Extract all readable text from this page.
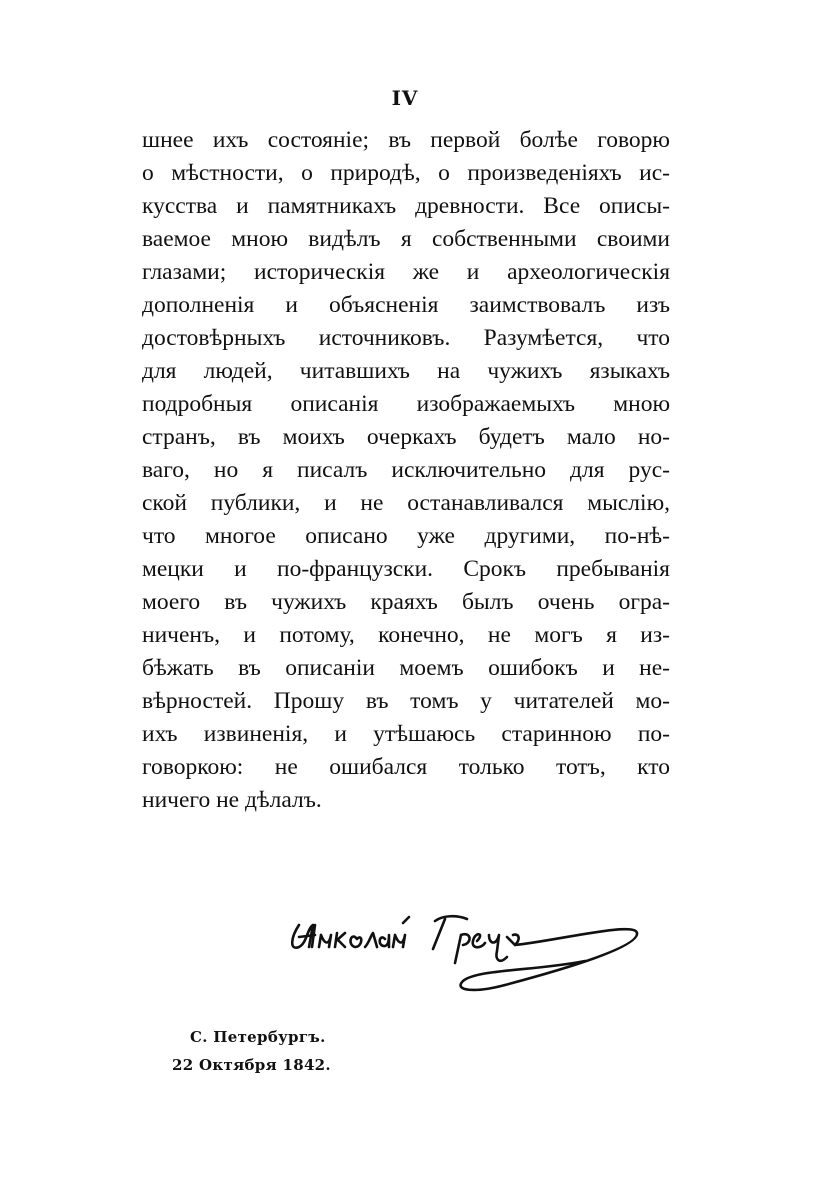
IV
шнее ихъ состоянiе; въ первой болѣе говорю
о мѣстности, о природѣ, о произведенiяхъ ис-
кусства и памятникахъ древности. Все описы-
ваемое мною видѣлъ я собственными своими
глазами; историческiя же и археологическiя
дополненiя и объясненiя заимствовалъ изъ
достовѣрныхъ источниковъ. Разумѣется, что
для людей, читавшихъ на чужихъ языкахъ
подробныя описанiя изображаемыхъ мною
странъ, въ моихъ очеркахъ будетъ мало но-
ваго, но я писалъ исключительно для рус-
ской публики, и не останавливался мыслiю,
что многое описано уже другими, по-нѣ-
мецки и по-французски. Срокъ пребыванiя
моего въ чужихъ краяхъ былъ очень огра-
ниченъ, и потому, конечно, не могъ я из-
бѣжать въ описанiи моемъ ошибокъ и не-
вѣрностей. Прошу въ томъ у читателей мо-
ихъ извиненiя, и утѣшаюсь старинною по-
говоркою: не ошибался только тотъ, кто
ничего не дѣлалъ.
С. Петербургъ.
22 Октября 1842.
